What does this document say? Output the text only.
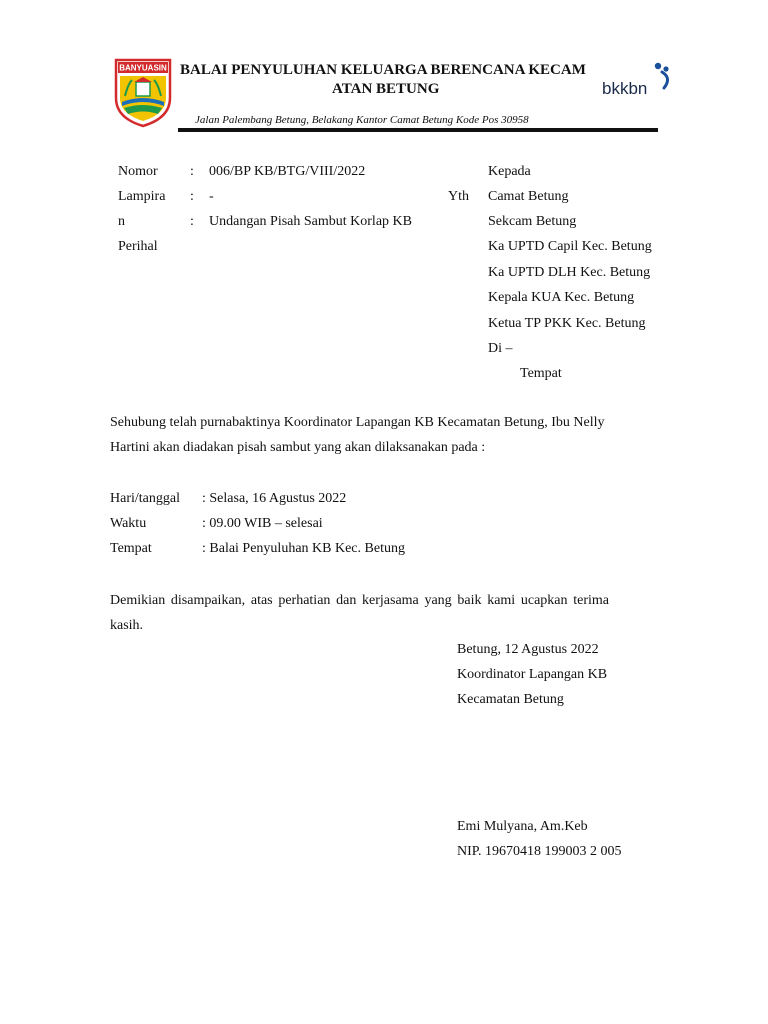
BANYUASIN BALAI PENYULUHAN KELUARGA BERENCANA KECAM
ATAN BETUNG	bkkbn
Jalan Palembang Betung, Belakang Kantor Camat Betung Kode Pos 30958
Nomor : 006/BP KB/BTG/VIII/2022
Lampira : -
n	: Undangan Pisah Sambut Korlap KB
Perihal
Yth
Kepada
Camat Betung
Sekcam Betung
Ka UPTD Capil Kec. Betung
Ka UPTD DLH Kec. Betung
Kepala KUA Kec. Betung
Ketua TP PKK Kec. Betung
Di –
Tempat
Sehubung telah purnabaktinya Koordinator Lapangan KB Kecamatan Betung, Ibu Nelly
Hartini akan diadakan pisah sambut yang akan dilaksanakan pada :
Hari/tanggal : Selasa, 16 Agustus 2022
Waktu	: 09.00 WIB – selesai
Tempat	: Balai Penyuluhan KB Kec. Betung
Demikian disampaikan, atas perhatian dan kerjasama yang baik kami ucapkan terima
kasih.
Betung, 12 Agustus 2022
Koordinator Lapangan KB
Kecamatan Betung
Emi Mulyana, Am.Keb
NIP. 19670418 199003 2 005
